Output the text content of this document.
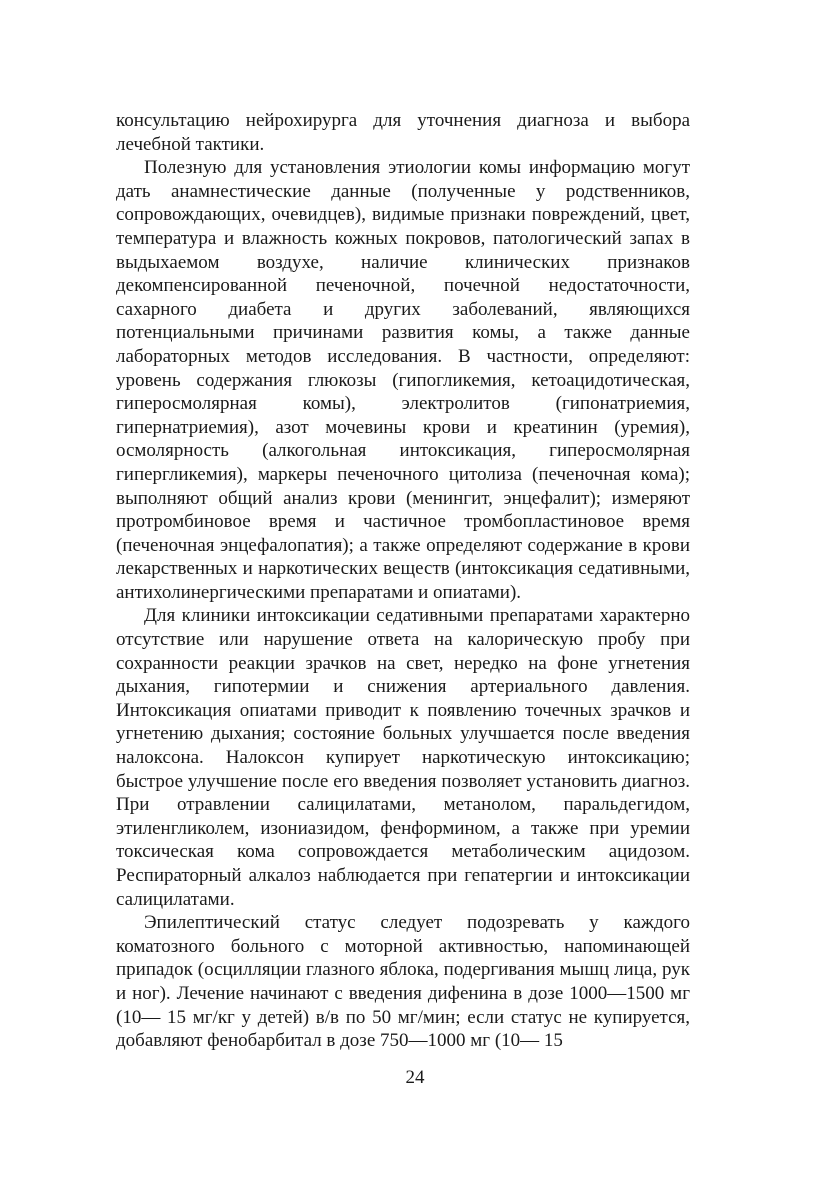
консультацию нейрохирурга для уточнения диагноза и выбора лечебной тактики.

Полезную для установления этиологии комы информацию могут дать анамнестические данные (полученные у родственников, сопровождающих, очевидцев), видимые признаки повреждений, цвет, температура и влажность кожных покровов, патологический запах в выдыхаемом воздухе, наличие клинических признаков декомпенсированной печеночной, почечной недостаточности, сахарного диабета и других заболеваний, являющихся потенциальными причинами развития комы, а также данные лабораторных методов исследования. В частности, определяют: уровень содержания глюкозы (гипогликемия, кетоацидотическая, гиперосмолярная комы), электролитов (гипонатриемия, гипернатриемия), азот мочевины крови и креатинин (уремия), осмолярность (алкогольная интоксикация, гиперосмолярная гипергликемия), маркеры печеночного цитолиза (печеночная кома); выполняют общий анализ крови (менингит, энцефалит); измеряют протромбиновое время и частичное тромбопластиновое время (печеночная энцефалопатия); а также определяют содержание в крови лекарственных и наркотических веществ (интоксикация седативными, антихолинергическими препаратами и опиатами).

Для клиники интоксикации седативными препаратами характерно отсутствие или нарушение ответа на калорическую пробу при сохранности реакции зрачков на свет, нередко на фоне угнетения дыхания, гипотермии и снижения артериального давления. Интоксикация опиатами приводит к появлению точечных зрачков и угнетению дыхания; состояние больных улучшается после введения налоксона. Налоксон купирует наркотическую интоксикацию; быстрое улучшение после его введения позволяет установить диагноз. При отравлении салицилатами, метанолом, паральдегидом, этиленгликолем, изониазидом, фенформином, а также при уремии токсическая кома сопровождается метаболическим ацидозом. Респираторный алкалоз наблюдается при гепатергии и интоксикации салицилатами.

Эпилептический статус следует подозревать у каждого коматозного больного с моторной активностью, напоминающей припадок (осцилляции глазного яблока, подергивания мышц лица, рук и ног). Лечение начинают с введения дифенина в дозе 1000—1500 мг (10— 15 мг/кг у детей) в/в по 50 мг/мин; если статус не купируется, добавляют фенобарбитал в дозе 750—1000 мг (10— 15

24
